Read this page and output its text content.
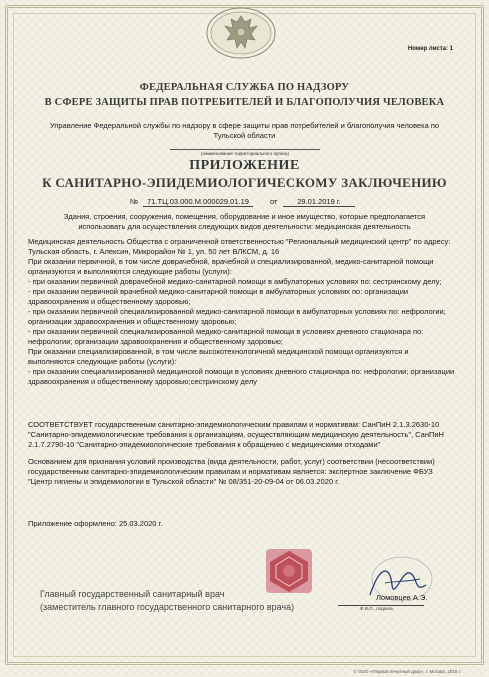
Номер листа: 1
ФЕДЕРАЛЬНАЯ СЛУЖБА ПО НАДЗОРУ
В СФЕРЕ ЗАЩИТЫ ПРАВ ПОТРЕБИТЕЛЕЙ И БЛАГОПОЛУЧИЯ ЧЕЛОВЕКА
Управление Федеральной службы по надзору в сфере защиты прав потребителей и благополучия человека по Тульской области
(наименование территориального органа)
ПРИЛОЖЕНИЕ
К САНИТАРНО-ЭПИДЕМИОЛОГИЧЕСКОМУ ЗАКЛЮЧЕНИЮ
№	71.ТЦ.03.000.М.000029.01.19	от	29.01.2019 г.
Здания, строения, сооружения, помещения, оборудование и иное имущество, которые предполагается использовать для осуществления следующих видов деятельности: медицинская деятельность

Медицинская деятельность Общества с ограниченной ответственностью "Региональный медицинский центр" по адресу: Тульская область, г. Алексин, Микрорайон № 1, ул. 50 лет ВЛКСМ, д. 16

При оказании первичной, в том числе доврачебной, врачебной и специализированной, медико-санитарной помощи организуются и выполняются следующие работы (услуги):

- при оказании первичной доврачебной медико-санитарной помощи в амбулаторных условиях по: сестринскому делу;

- при оказании первичной врачебной медико-санитарной помощи в амбулаторных условиях по: организации здравоохранения и общественному здоровью;

- при оказании первичной специализированной медико-санитарной помощи в амбулаторных условиях по: нефрологии; организации здравоохранения и общественному здоровью;

- при оказании первичной специализированной медико-санитарной помощи в условиях дневного стационара по: нефрологии; организации здравоохранения и общественному здоровью;

При оказании специализированной, в том числе высокотехнологичной медицинской помощи организуются и выполняются следующие работы (услуги):

- при оказании специализированной медицинской помощи в условиях дневного стационара по: нефрологии; организации здравоохранения и общественному здоровью;сестринскому делу

СООТВЕТСТВУЕТ государственным санитарно-эпидемиологическим правилам и нормативам: СанПиН 2.1.3.2630-10 "Санитарно-эпидемиологические требования к организациям, осуществляющим медицинскую деятельность", СанПиН 2.1.7.2790-10 "Санитарно-эпидемиологические требования к обращению с медицинскими отходами"
Основанием для признания условий производства (вида деятельности, работ, услуг) соответствии (несоответствии) государственным санитарно-эпидемиологическим правилам и нормативам является: экспертное заключение ФБУЗ "Центр гигиены и эпидемиологии в Тульской области" № 08/351-20-09-04 от 06.03.2020 г.
Приложение оформлено: 25.03.2020 г.
Главный государственный санитарный врач
(заместитель главного государственного санитарного врача)
Ломовцев А.Э.
Ф.И.О., подпись
© ООО «Первый печатный двор», г. Москва, 2019 г.
